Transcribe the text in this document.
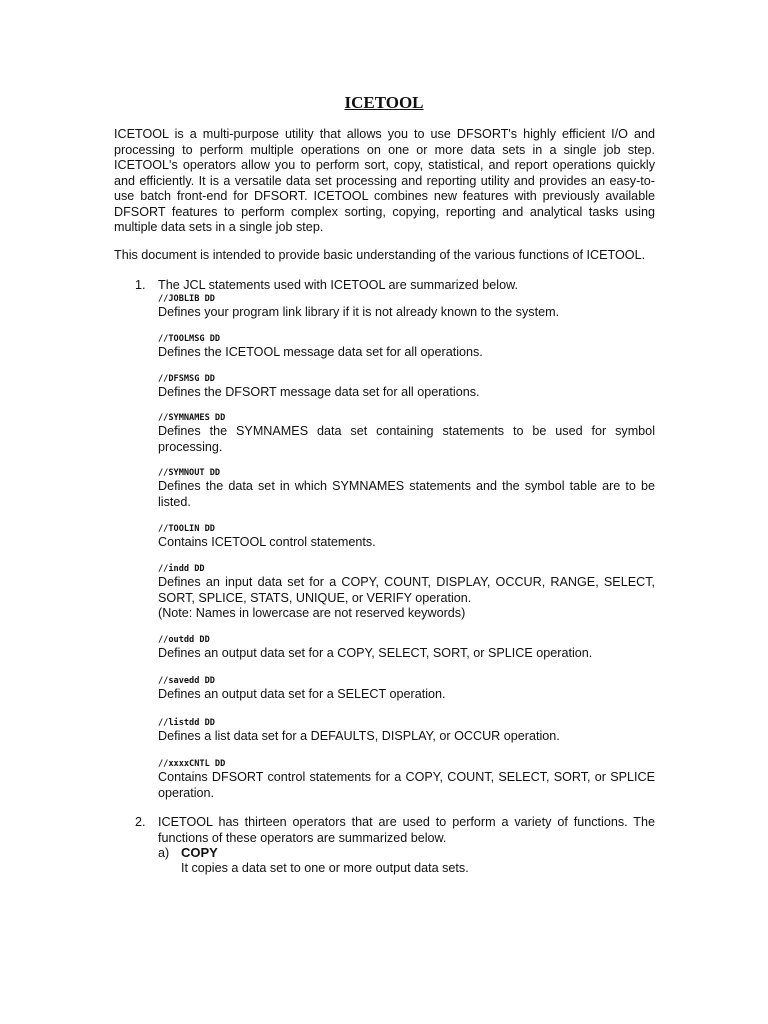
ICETOOL

ICETOOL is a multi-purpose utility that allows you to use DFSORT's highly efficient I/O and processing to perform multiple operations on one or more data sets in a single job step. ICETOOL's operators allow you to perform sort, copy, statistical, and report operations quickly and efficiently. It is a versatile data set processing and reporting utility and provides an easy-to-use batch front-end for DFSORT. ICETOOL combines new features with previously available DFSORT features to perform complex sorting, copying, reporting and analytical tasks using multiple data sets in a single job step.

This document is intended to provide basic understanding of the various functions of ICETOOL.

1. The JCL statements used with ICETOOL are summarized below.

//JOBLIB DD

Defines your program link library if it is not already known to the system.

//TOOLMSG DD

Defines the ICETOOL message data set for all operations.

//DFSMSG DD

Defines the DFSORT message data set for all operations.

//SYMNAMES DD

Defines the SYMNAMES data set containing statements to be used for symbol processing.

//SYMNOUT DD

Defines the data set in which SYMNAMES statements and the symbol table are to be listed.

//TOOLIN DD

Contains ICETOOL control statements.

//indd DD

Defines an input data set for a COPY, COUNT, DISPLAY, OCCUR, RANGE, SELECT, SORT, SPLICE, STATS, UNIQUE, or VERIFY operation.

(Note: Names in lowercase are not reserved keywords)

//outdd DD

Defines an output data set for a COPY, SELECT, SORT, or SPLICE operation.

//savedd DD

Defines an output data set for a SELECT operation.

//listdd DD

Defines a list data set for a DEFAULTS, DISPLAY, or OCCUR operation.

//xxxxCNTL DD

Contains DFSORT control statements for a COPY, COUNT, SELECT, SORT, or SPLICE operation.

2. ICETOOL has thirteen operators that are used to perform a variety of functions. The functions of these operators are summarized below.

a) COPY
It copies a data set to one or more output data sets.
